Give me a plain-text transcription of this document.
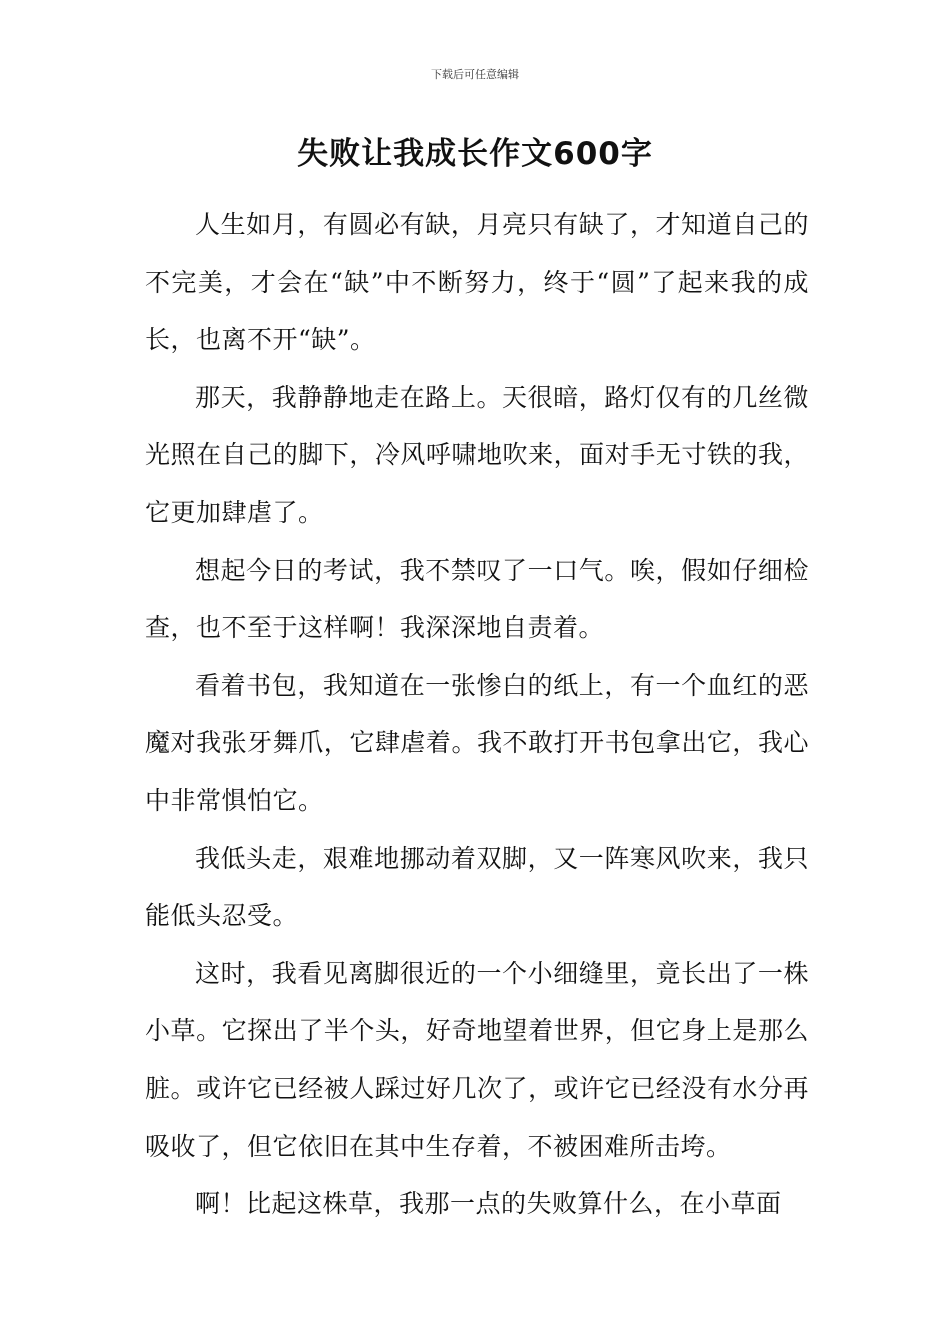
下载后可任意编辑
失败让我成长作文600字

人生如月，有圆必有缺，月亮只有缺了，才知道自己的不完美，才会在“缺”中不断努力，终于“圆”了起来我的成长，也离不开“缺”。

那天，我静静地走在路上。天很暗，路灯仅有的几丝微光照在自己的脚下，冷风呼啸地吹来，面对手无寸铁的我，它更加肆虐了。

想起今日的考试，我不禁叹了一口气。唉，假如仔细检查，也不至于这样啊！我深深地自责着。

看着书包，我知道在一张惨白的纸上，有一个血红的恶魔对我张牙舞爪，它肆虐着。我不敢打开书包拿出它，我心中非常惧怕它。

我低头走，艰难地挪动着双脚，又一阵寒风吹来，我只能低头忍受。

这时，我看见离脚很近的一个小细缝里，竟长出了一株小草。它探出了半个头，好奇地望着世界，但它身上是那么脏。或许它已经被人踩过好几次了，或许它已经没有水分再吸收了，但它依旧在其中生存着，不被困难所击垮。

啊！比起这株草，我那一点的失败算什么，在小草面
